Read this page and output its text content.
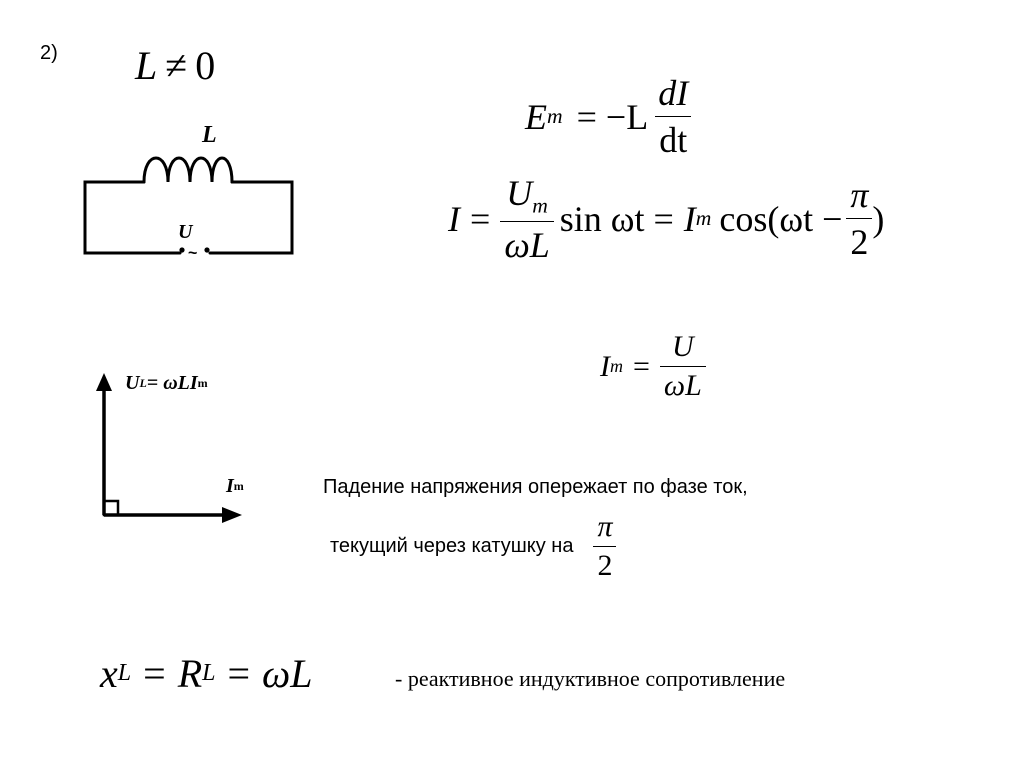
2) L ≠ 0
L
U
~
U L = ωLI m
I m
E $m = -L \frac{dI}{dt}$
$I = \frac{U_m}{\omega L}$ sin ωt = I m $\cos(\omega t - \frac{\pi}{2}$ )
I $m = \frac{U}{\omega L}$
Падение напряжения опережает по фазе ток,
текущий через катушку на $\frac{\pi}{2}$
x L = R L = ωL	- реактивное индуктивное сопротивление
